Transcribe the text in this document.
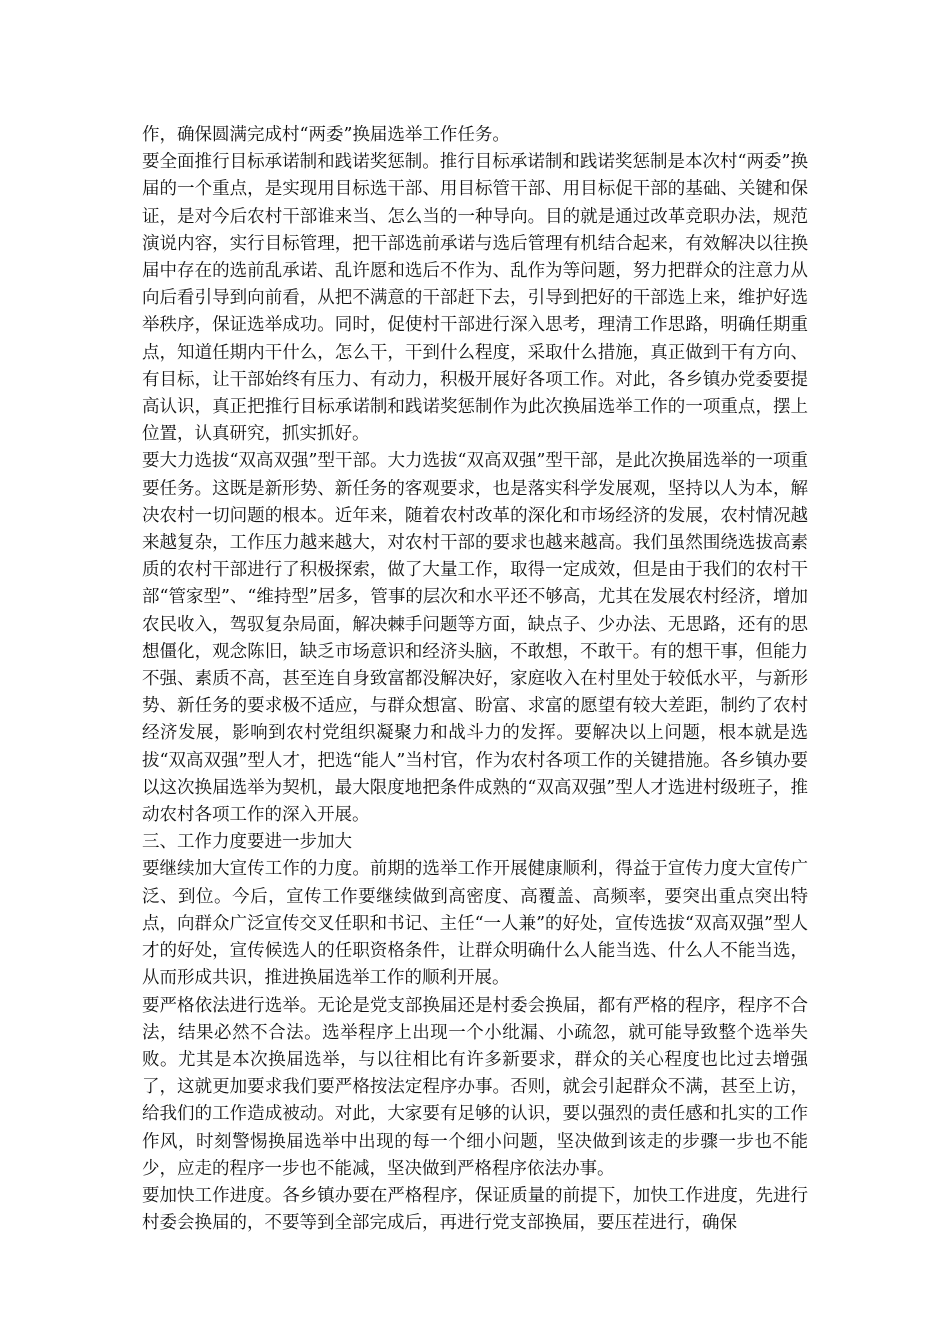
作，确保圆满完成村“两委”换届选举工作任务。

要全面推行目标承诺制和践诺奖惩制。推行目标承诺制和践诺奖惩制是本次村“两委”换届的一个重点，是实现用目标选干部、用目标管干部、用目标促干部的基础、关键和保证，是对今后农村干部谁来当、怎么当的一种导向。目的就是通过改革竞职办法，规范演说内容，实行目标管理，把干部选前承诺与选后管理有机结合起来，有效解决以往换届中存在的选前乱承诺、乱许愿和选后不作为、乱作为等问题，努力把群众的注意力从向后看引导到向前看，从把不满意的干部赶下去，引导到把好的干部选上来，维护好选举秩序，保证选举成功。同时，促使村干部进行深入思考，理清工作思路，明确任期重点，知道任期内干什么，怎么干，干到什么程度，采取什么措施，真正做到干有方向、有目标，让干部始终有压力、有动力，积极开展好各项工作。对此，各乡镇办党委要提高认识，真正把推行目标承诺制和践诺奖惩制作为此次换届选举工作的一项重点，摆上位置，认真研究，抓实抓好。

要大力选拔“双高双强”型干部。大力选拔“双高双强”型干部，是此次换届选举的一项重要任务。这既是新形势、新任务的客观要求，也是落实科学发展观，坚持以人为本，解决农村一切问题的根本。近年来，随着农村改革的深化和市场经济的发展，农村情况越来越复杂，工作压力越来越大，对农村干部的要求也越来越高。我们虽然围绕选拔高素质的农村干部进行了积极探索，做了大量工作，取得一定成效，但是由于我们的农村干部“管家型”、“维持型”居多，管事的层次和水平还不够高，尤其在发展农村经济，增加农民收入，驾驭复杂局面，解决棘手问题等方面，缺点子、少办法、无思路，还有的思想僵化，观念陈旧，缺乏市场意识和经济头脑，不敢想，不敢干。有的想干事，但能力不强、素质不高，甚至连自身致富都没解决好，家庭收入在村里处于较低水平，与新形势、新任务的要求极不适应，与群众想富、盼富、求富的愿望有较大差距，制约了农村经济发展，影响到农村党组织凝聚力和战斗力的发挥。要解决以上问题，根本就是选拔“双高双强”型人才，把选“能人”当村官，作为农村各项工作的关键措施。各乡镇办要以这次换届选举为契机，最大限度地把条件成熟的“双高双强”型人才选进村级班子，推动农村各项工作的深入开展。

三、工作力度要进一步加大

要继续加大宣传工作的力度。前期的选举工作开展健康顺利，得益于宣传力度大宣传广泛、到位。今后，宣传工作要继续做到高密度、高覆盖、高频率，要突出重点突出特点，向群众广泛宣传交叉任职和书记、主任“一人兼”的好处，宣传选拔“双高双强”型人才的好处，宣传候选人的任职资格条件，让群众明确什么人能当选、什么人不能当选，从而形成共识，推进换届选举工作的顺利开展。

要严格依法进行选举。无论是党支部换届还是村委会换届，都有严格的程序，程序不合法，结果必然不合法。选举程序上出现一个小纰漏、小疏忽，就可能导致整个选举失败。尤其是本次换届选举，与以往相比有许多新要求，群众的关心程度也比过去增强了，这就更加要求我们要严格按法定程序办事。否则，就会引起群众不满，甚至上访，给我们的工作造成被动。对此，大家要有足够的认识，要以强烈的责任感和扎实的工作作风，时刻警惕换届选举中出现的每一个细小问题，坚决做到该走的步骤一步也不能少，应走的程序一步也不能减，坚决做到严格程序依法办事。

要加快工作进度。各乡镇办要在严格程序，保证质量的前提下，加快工作进度，先进行村委会换届的，不要等到全部完成后，再进行党支部换届，要压茬进行，确保
